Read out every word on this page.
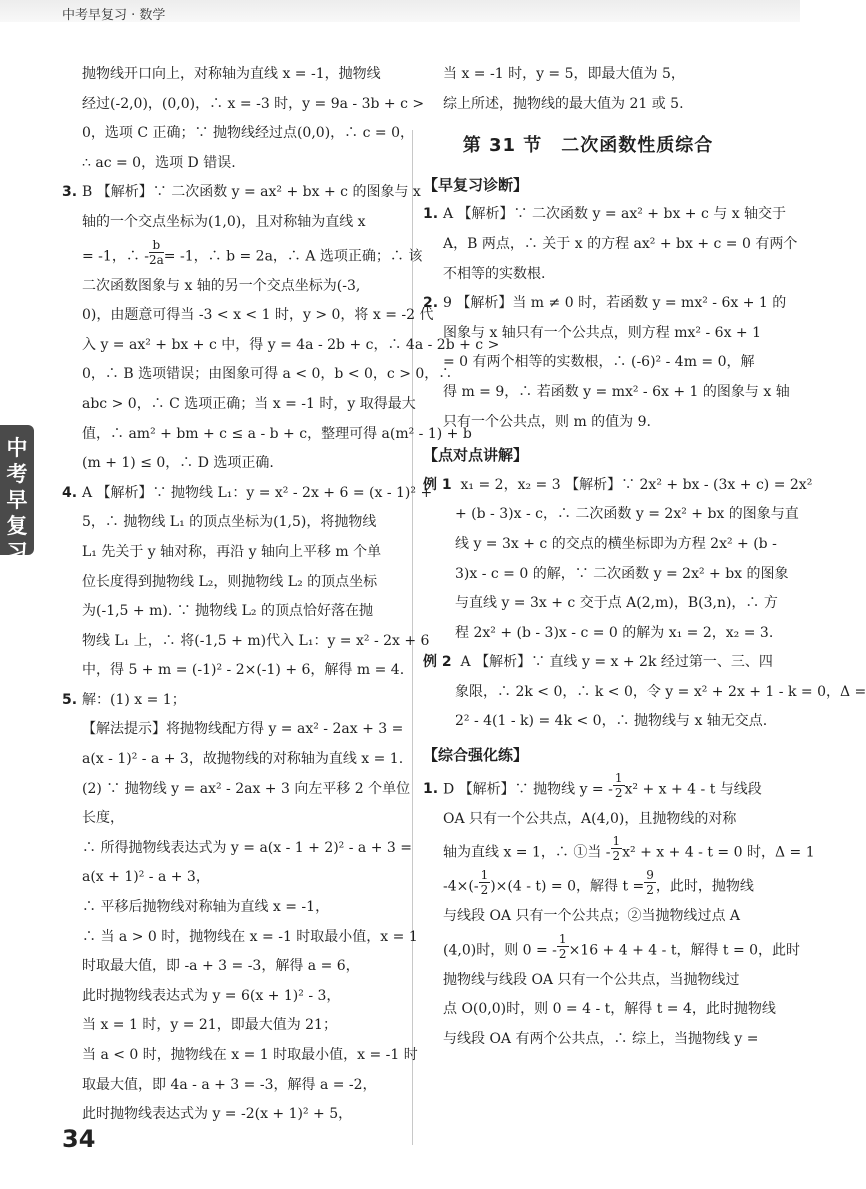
中考早复习 · 数学
中考早复习

抛物线开口向上，对称轴为直线 x = -1，抛物线

经过(-2,0)，(0,0)，∴ x = -3 时，y = 9a - 3b + c >

0，选项 C 正确；∵ 抛物线经过点(0,0)，∴ c = 0，

∴ ac = 0，选项 D 错误.

3. B 【解析】∵ 二次函数 y = ax² + bx + c 的图象与 x

轴的一个交点坐标为(1,0)，且对称轴为直线 x

= -1，∴ - $\frac{b}{2a} = -1$，∴ b = 2a，∴ A 选项正确；∴ 该

二次函数图象与 x 轴的另一个交点坐标为(-3,

0)，由题意可得当 -3 < x < 1 时，y > 0，将 x = -2 代

入 y = ax² + bx + c 中，得 y = 4a - 2b + c，∴ 4a - 2b + c >

0，∴ B 选项错误；由图象可得 a < 0，b < 0，c > 0，∴

abc > 0，∴ C 选项正确；当 x = -1 时，y 取得最大

值，∴ am² + bm + c ≤ a - b + c，整理可得 a(m² - 1) + b

(m + 1) ≤ 0，∴ D 选项正确.

4. A 【解析】∵ 抛物线 L₁：y = x² - 2x + 6 = (x - 1)² +

5，∴ 抛物线 L₁ 的顶点坐标为(1,5)，将抛物线

L₁ 先关于 y 轴对称，再沿 y 轴向上平移 m 个单

位长度得到抛物线 L₂，则抛物线 L₂ 的顶点坐标

为(-1,5 + m). ∵ 抛物线 L₂ 的顶点恰好落在抛

物线 L₁ 上，∴ 将(-1,5 + m)代入 L₁：y = x² - 2x + 6

中，得 5 + m = (-1)² - 2×(-1) + 6，解得 m = 4.

5. 解：(1) x = 1；

【解法提示】将抛物线配方得 y = ax² - 2ax + 3 =

a(x - 1)² - a + 3，故抛物线的对称轴为直线 x = 1.

(2) ∵ 抛物线 y = ax² - 2ax + 3 向左平移 2 个单位

长度，

∴ 所得抛物线表达式为 y = a(x - 1 + 2)² - a + 3 =

a(x + 1)² - a + 3，

∴ 平移后抛物线对称轴为直线 x = -1，

∴ 当 a > 0 时，抛物线在 x = -1 时取最小值，x = 1

时取最大值，即 -a + 3 = -3，解得 a = 6，

此时抛物线表达式为 y = 6(x + 1)² - 3，

当 x = 1 时，y = 21，即最大值为 21；

当 a < 0 时，抛物线在 x = 1 时取最小值，x = -1 时

取最大值，即 4a - a + 3 = -3，解得 a = -2，

此时抛物线表达式为 y = -2(x + 1)² + 5，

当 x = -1 时，y = 5，即最大值为 5，

综上所述，抛物线的最大值为 21 或 5.

第 31 节　二次函数性质综合

【早复习诊断】

1. A 【解析】∵ 二次函数 y = ax² + bx + c 与 x 轴交于

A，B 两点，∴ 关于 x 的方程 ax² + bx + c = 0 有两个

不相等的实数根.

2. 9 【解析】当 m ≠ 0 时，若函数 y = mx² - 6x + 1 的

图象与 x 轴只有一个公共点，则方程 mx² - 6x + 1

= 0 有两个相等的实数根，∴ (-6)² - 4m = 0，解

得 m = 9，∴ 若函数 y = mx² - 6x + 1 的图象与 x 轴

只有一个公共点，则 m 的值为 9.

【点对点讲解】

例 1 x₁ = 2，x₂ = 3 【解析】∵ 2x² + bx - (3x + c) = 2x²

+ (b - 3)x - c，∴ 二次函数 y = 2x² + bx 的图象与直

线 y = 3x + c 的交点的横坐标即为方程 2x² + (b -

3)x - c = 0 的解，∵ 二次函数 y = 2x² + bx 的图象

与直线 y = 3x + c 交于点 A(2,m)，B(3,n)，∴ 方

程 2x² + (b - 3)x - c = 0 的解为 x₁ = 2，x₂ = 3.

例 2 A 【解析】∵ 直线 y = x + 2k 经过第一、三、四

象限，∴ 2k < 0，∴ k < 0，令 y = x² + 2x + 1 - k = 0，Δ =

2² - 4(1 - k) = 4k < 0，∴ 抛物线与 x 轴无交点.

【综合强化练】

1. D 【解析】∵ 抛物线 y = - $\frac{1}{2} x^2 + x + 4 - t$ 与线段

OA 只有一个公共点，A(4,0)，且抛物线的对称

轴为直线 x = 1，∴ ①当 - $\frac{1}{2} x^2 + x + 4 - t = 0$ 时，Δ = 1

$-4\times(- \frac{1}{2} )\times(4 - t) = 0$，解得 $t = \frac{9}{2}$ ，此时，抛物线

与线段 OA 只有一个公共点；②当抛物线过点 A

(4,0)时，则 0 = - $\frac{1}{2} \times 16 + 4 + 4 - t$，解得 t = 0，此时

抛物线与线段 OA 只有一个公共点，当抛物线过

点 O(0,0)时，则 0 = 4 - t，解得 t = 4，此时抛物线

与线段 OA 有两个公共点，∴ 综上，当抛物线 y =

34
